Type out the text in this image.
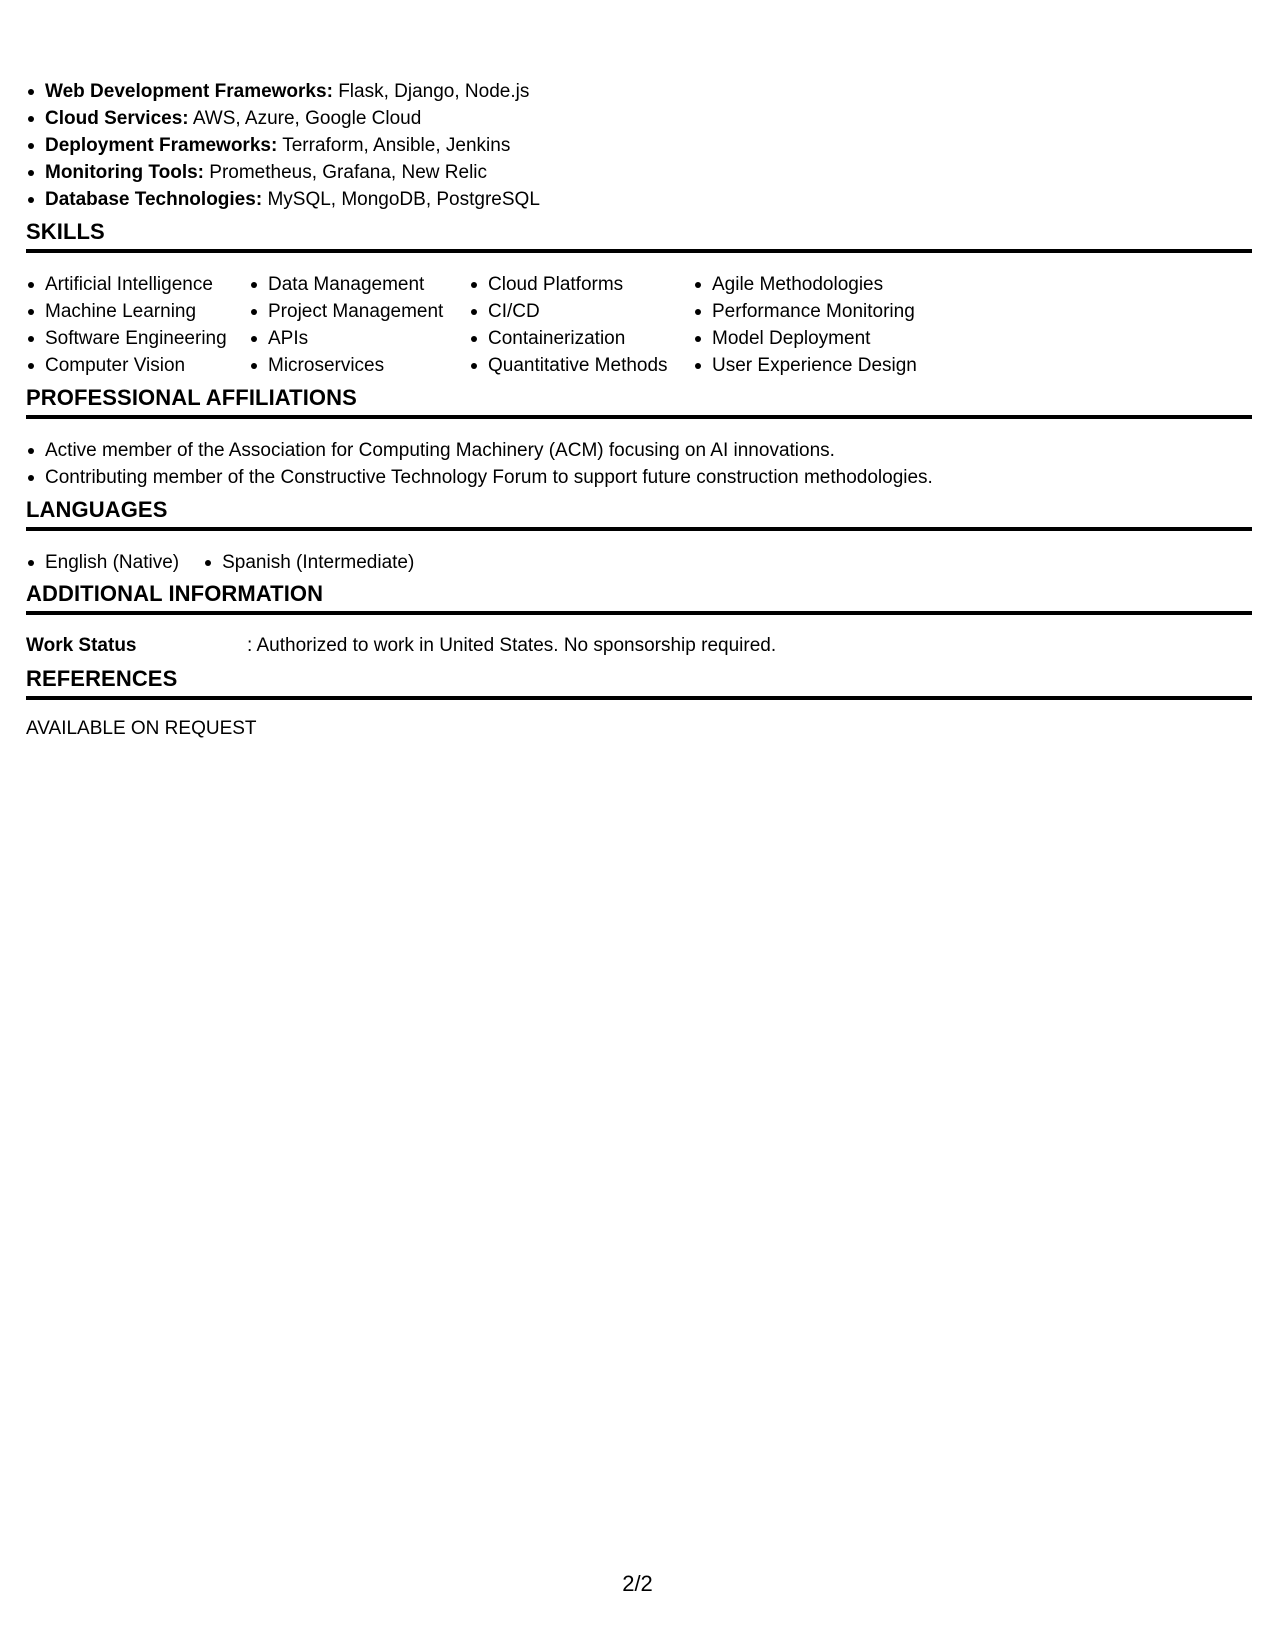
Web Development Frameworks: Flask, Django, Node.js
Cloud Services: AWS, Azure, Google Cloud
Deployment Frameworks: Terraform, Ansible, Jenkins
Monitoring Tools: Prometheus, Grafana, New Relic
Database Technologies: MySQL, MongoDB, PostgreSQL
SKILLS
Artificial Intelligence
Machine Learning
Software Engineering
Computer Vision
Data Management
Project Management
APIs
Microservices
Cloud Platforms
CI/CD
Containerization
Quantitative Methods
Agile Methodologies
Performance Monitoring
Model Deployment
User Experience Design
PROFESSIONAL AFFILIATIONS
Active member of the Association for Computing Machinery (ACM) focusing on AI innovations.
Contributing member of the Constructive Technology Forum to support future construction methodologies.
LANGUAGES
English (Native)	Spanish (Intermediate)
ADDITIONAL INFORMATION
Work Status	: Authorized to work in United States. No sponsorship required.
REFERENCES
AVAILABLE ON REQUEST
2/2
